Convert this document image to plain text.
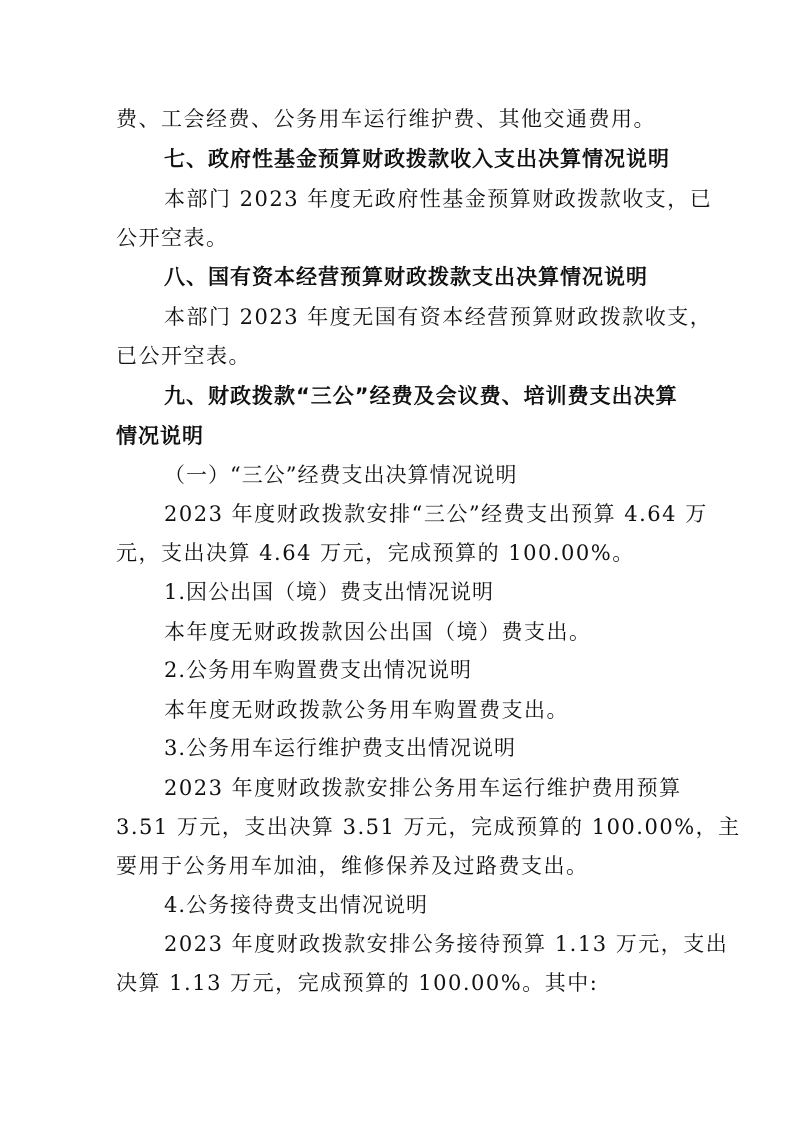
费、工会经费、公务用车运行维护费、其他交通费用。
七、政府性基金预算财政拨款收入支出决算情况说明
本部门 2023 年度无政府性基金预算财政拨款收支，已
公开空表。
八、国有资本经营预算财政拨款支出决算情况说明
本部门 2023 年度无国有资本经营预算财政拨款收支，
已公开空表。
九、财政拨款“三公”经费及会议费、培训费支出决算
情况说明
（一）“三公”经费支出决算情况说明
2023 年度财政拨款安排“三公”经费支出预算 4.64 万
元，支出决算 4.64 万元，完成预算的 100.00%。
1.因公出国（境）费支出情况说明
本年度无财政拨款因公出国（境）费支出。
2.公务用车购置费支出情况说明
本年度无财政拨款公务用车购置费支出。
3.公务用车运行维护费支出情况说明
2023 年度财政拨款安排公务用车运行维护费用预算
3.51 万元，支出决算 3.51 万元，完成预算的 100.00%，主
要用于公务用车加油，维修保养及过路费支出。
4.公务接待费支出情况说明
2023 年度财政拨款安排公务接待预算 1.13 万元，支出
决算 1.13 万元，完成预算的 100.00%。其中:
